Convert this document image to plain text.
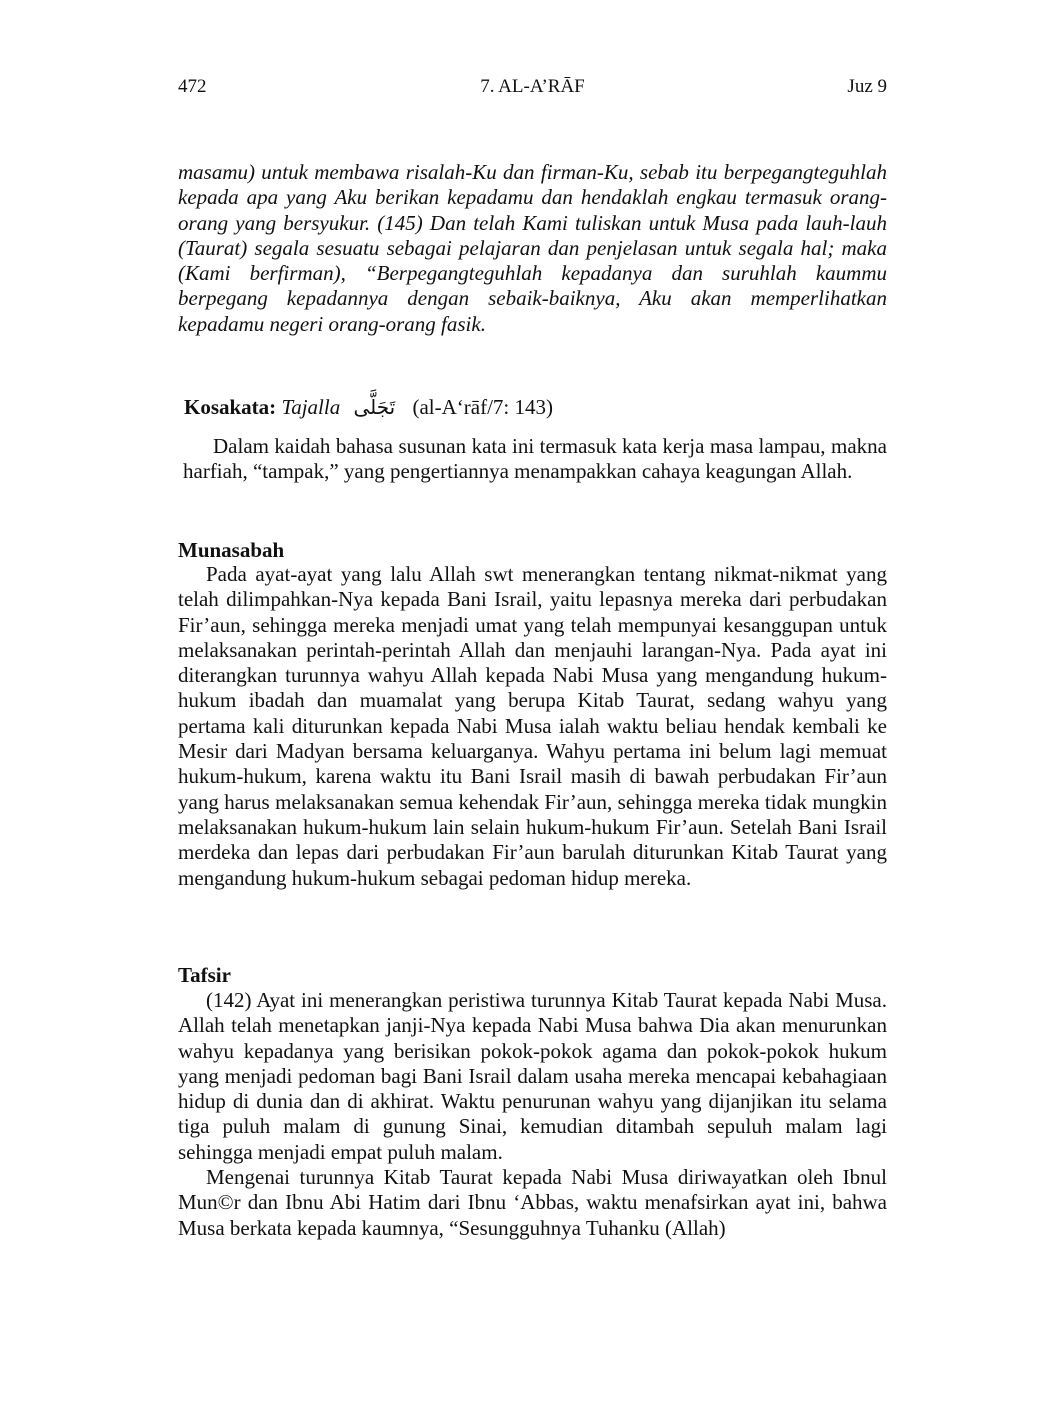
472	7. AL-A’RĀF	Juz 9

masamu) untuk membawa risalah-Ku dan firman-Ku, sebab itu berpegangteguhlah kepada apa yang Aku berikan kepadamu dan hendaklah engkau termasuk orang-orang yang bersyukur. (145) Dan telah Kami tuliskan untuk Musa pada lauh-lauh (Taurat) segala sesuatu sebagai pelajaran dan penjelasan untuk segala hal; maka (Kami berfirman), “Berpegangteguhlah kepadanya dan suruhlah kaummu berpegang kepadannya dengan sebaik-baiknya, Aku akan memperlihatkan kepadamu negeri orang-orang fasik.

Kosakata: Tajalla تَجَلَّى (al-A‘rāf/7: 143)

Dalam kaidah bahasa susunan kata ini termasuk kata kerja masa lampau, makna harfiah, “tampak,” yang pengertiannya menampakkan cahaya keagungan Allah.

Munasabah

Pada ayat-ayat yang lalu Allah swt menerangkan tentang nikmat-nikmat yang telah dilimpahkan-Nya kepada Bani Israil, yaitu lepasnya mereka dari perbudakan Fir’aun, sehingga mereka menjadi umat yang telah mempunyai kesanggupan untuk melaksanakan perintah-perintah Allah dan menjauhi larangan-Nya. Pada ayat ini diterangkan turunnya wahyu Allah kepada Nabi Musa yang mengandung hukum-hukum ibadah dan muamalat yang berupa Kitab Taurat, sedang wahyu yang pertama kali diturunkan kepada Nabi Musa ialah waktu beliau hendak kembali ke Mesir dari Madyan bersama keluarganya. Wahyu pertama ini belum lagi memuat hukum-hukum, karena waktu itu Bani Israil masih di bawah perbudakan Fir’aun yang harus melaksanakan semua kehendak Fir’aun, sehingga mereka tidak mungkin melaksanakan hukum-hukum lain selain hukum-hukum Fir’aun. Setelah Bani Israil merdeka dan lepas dari perbudakan Fir’aun barulah diturunkan Kitab Taurat yang mengandung hukum-hukum sebagai pedoman hidup mereka.

Tafsir

(142) Ayat ini menerangkan peristiwa turunnya Kitab Taurat kepada Nabi Musa. Allah telah menetapkan janji-Nya kepada Nabi Musa bahwa Dia akan menurunkan wahyu kepadanya yang berisikan pokok-pokok agama dan pokok-pokok hukum yang menjadi pedoman bagi Bani Israil dalam usaha mereka mencapai kebahagiaan hidup di dunia dan di akhirat. Waktu penurunan wahyu yang dijanjikan itu selama tiga puluh malam di gunung Sinai, kemudian ditambah sepuluh malam lagi sehingga menjadi empat puluh malam.

Mengenai turunnya Kitab Taurat kepada Nabi Musa diriwayatkan oleh Ibnul Mun©r dan Ibnu Abi Hatim dari Ibnu ‘Abbas, waktu menafsirkan ayat ini, bahwa Musa berkata kepada kaumnya, “Sesungguhnya Tuhanku (Allah)
